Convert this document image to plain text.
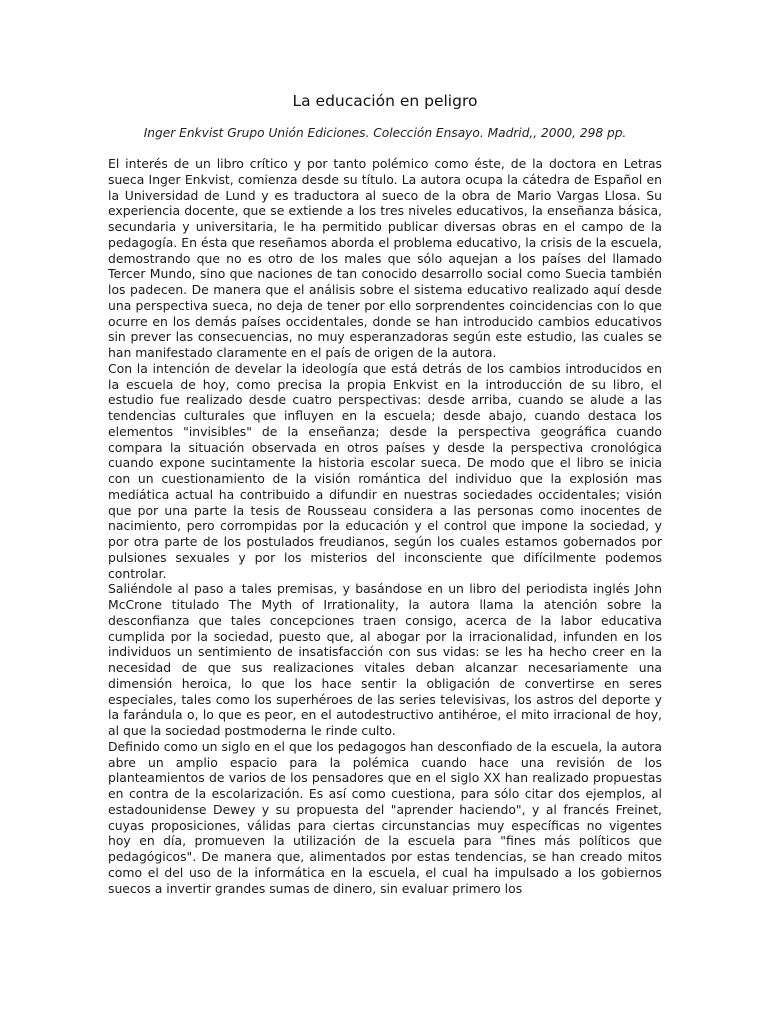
La educación en peligro
Inger Enkvist Grupo Unión Ediciones. Colección Ensayo. Madrid,, 2000, 298 pp.

El interés de un libro crítico y por tanto polémico como éste, de la doctora en Letras sueca Inger Enkvist, comienza desde su título. La autora ocupa la cátedra de Español en la Universidad de Lund y es traductora al sueco de la obra de Mario Vargas Llosa. Su experiencia docente, que se extiende a los tres niveles educativos, la enseñanza básica, secundaria y universitaria, le ha permitido publicar diversas obras en el campo de la pedagogía. En ésta que reseñamos aborda el problema educativo, la crisis de la escuela, demostrando que no es otro de los males que sólo aquejan a los países del llamado Tercer Mundo, sino que naciones de tan conocido desarrollo social como Suecia también los padecen. De manera que el análisis sobre el sistema educativo realizado aquí desde una perspectiva sueca, no deja de tener por ello sorprendentes coincidencias con lo que ocurre en los demás países occidentales, donde se han introducido cambios educativos sin prever las consecuencias, no muy esperanzadoras según este estudio, las cuales se han manifestado claramente en el país de origen de la autora.

Con la intención de develar la ideología que está detrás de los cambios introducidos en la escuela de hoy, como precisa la propia Enkvist en la introducción de su libro, el estudio fue realizado desde cuatro perspectivas: desde arriba, cuando se alude a las tendencias culturales que influyen en la escuela; desde abajo, cuando destaca los elementos "invisibles" de la enseñanza; desde la perspectiva geográfica cuando compara la situación observada en otros países y desde la perspectiva cronológica cuando expone sucintamente la historia escolar sueca. De modo que el libro se inicia con un cuestionamiento de la visión romántica del individuo que la explosión mas mediática actual ha contribuido a difundir en nuestras sociedades occidentales; visión que por una parte la tesis de Rousseau considera a las personas como inocentes de nacimiento, pero corrompidas por la educación y el control que impone la sociedad, y por otra parte de los postulados freudianos, según los cuales estamos gobernados por pulsiones sexuales y por los misterios del inconsciente que difícilmente podemos controlar.

Saliéndole al paso a tales premisas, y basándose en un libro del periodista inglés John McCrone titulado The Myth of Irrationality, la autora llama la atención sobre la desconfianza que tales concepciones traen consigo, acerca de la labor educativa cumplida por la sociedad, puesto que, al abogar por la irracionalidad, infunden en los individuos un sentimiento de insatisfacción con sus vidas: se les ha hecho creer en la necesidad de que sus realizaciones vitales deban alcanzar necesariamente una dimensión heroica, lo que los hace sentir la obligación de convertirse en seres especiales, tales como los superhéroes de las series televisivas, los astros del deporte y la farándula o, lo que es peor, en el autodestructivo antihéroe, el mito irracional de hoy, al que la sociedad postmoderna le rinde culto.

Definido como un siglo en el que los pedagogos han desconfiado de la escuela, la autora abre un amplio espacio para la polémica cuando hace una revisión de los planteamientos de varios de los pensadores que en el siglo XX han realizado propuestas en contra de la escolarización. Es así como cuestiona, para sólo citar dos ejemplos, al estadounidense Dewey y su propuesta del "aprender haciendo", y al francés Freinet, cuyas proposiciones, válidas para ciertas circunstancias muy específicas no vigentes hoy en día, promueven la utilización de la escuela para "fines más políticos que pedagógicos". De manera que, alimentados por estas tendencias, se han creado mitos como el del uso de la informática en la escuela, el cual ha impulsado a los gobiernos suecos a invertir grandes sumas de dinero, sin evaluar primero los
